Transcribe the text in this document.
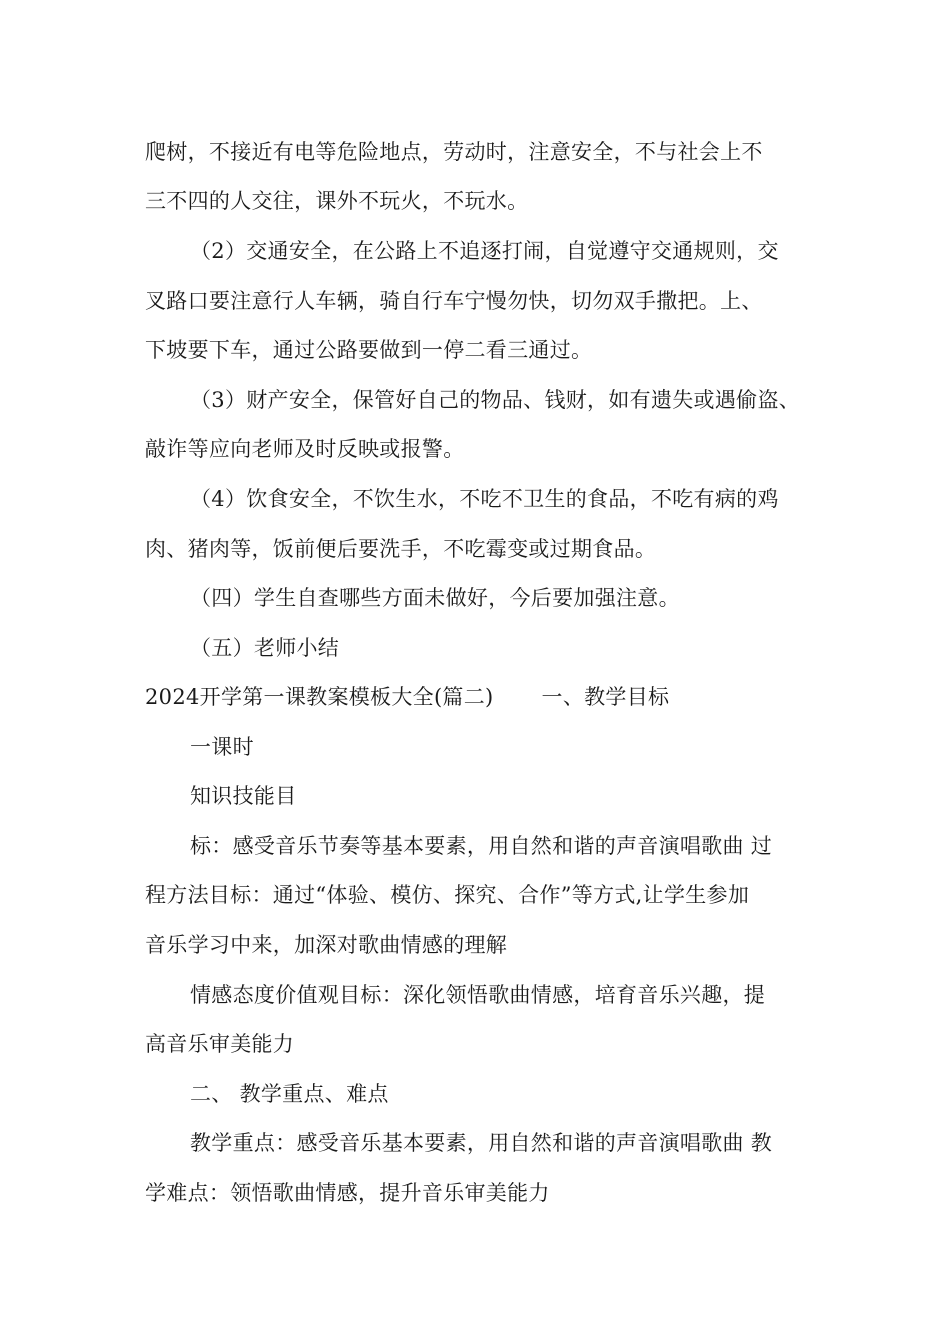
爬树，不接近有电等危险地点，劳动时，注意安全，不与社会上不
三不四的人交往，课外不玩火，不玩水。
（2）交通安全，在公路上不追逐打闹，自觉遵守交通规则，交
叉路口要注意行人车辆，骑自行车宁慢勿快，切勿双手撒把。上、
下坡要下车，通过公路要做到一停二看三通过。
（3）财产安全，保管好自己的物品、钱财，如有遗失或遇偷盗、
敲诈等应向老师及时反映或报警。
（4）饮食安全，不饮生水，不吃不卫生的食品，不吃有病的鸡
肉、猪肉等，饭前便后要洗手，不吃霉变或过期食品。
（四）学生自查哪些方面未做好，今后要加强注意。
（五）老师小结
2024开学第一课教案模板大全(篇二) 一、教学目标
一课时
知识技能目
标：感受音乐节奏等基本要素，用自然和谐的声音演唱歌曲 过
程方法目标：通过“体验、模仿、探究、合作”等方式,让学生参加
音乐学习中来，加深对歌曲情感的理解
情感态度价值观目标：深化领悟歌曲情感，培育音乐兴趣，提
高音乐审美能力
二、 教学重点、难点
教学重点：感受音乐基本要素，用自然和谐的声音演唱歌曲 教
学难点：领悟歌曲情感，提升音乐审美能力
